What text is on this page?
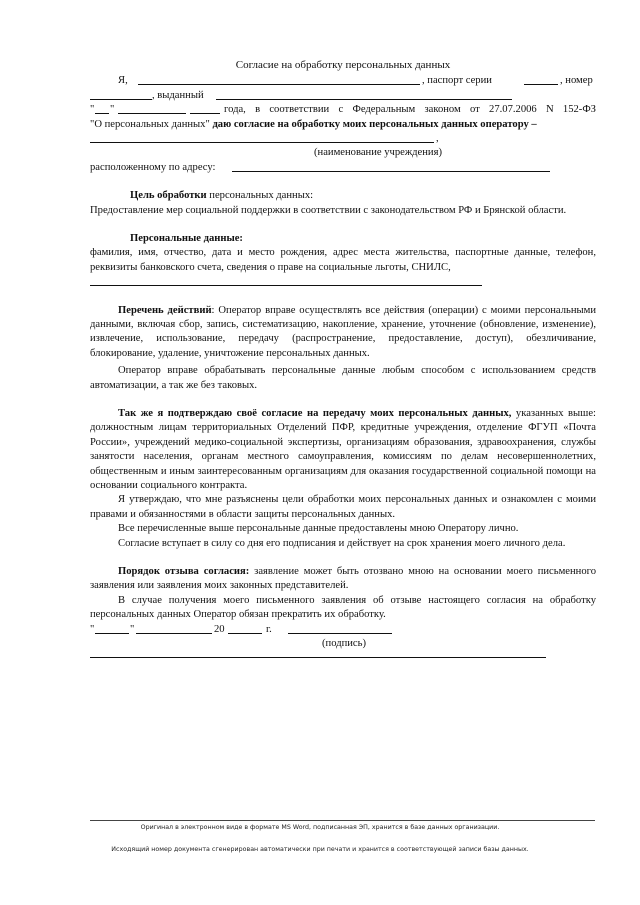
Согласие на обработку персональных данных
Я,	, паспорт серии	, номер
, выданный
" "	года, в соответствии с Федеральным законом от 27.07.2006 N 152-ФЗ
"О персональных данных" даю согласие на обработку моих персональных данных оператору –
,
(наименование учреждения)
расположенному по адресу:
Цель обработки персональных данных:
Предоставление мер социальной поддержки в соответствии с законодательством РФ и Брянской области.
Персональные данные:
фамилия, имя, отчество, дата и место рождения, адрес места жительства, паспортные данные, телефон, реквизиты банковского счета, сведения о праве на социальные льготы, СНИЛС,
Перечень действий: Оператор вправе осуществлять все действия (операции) с моими персональными данными, включая сбор, запись, систематизацию, накопление, хранение, уточнение (обновление, изменение), извлечение, использование, передачу (распространение, предоставление, доступ), обезличивание, блокирование, удаление, уничтожение персональных данных.
Оператор вправе обрабатывать персональные данные любым способом с использованием средств автоматизации, а так же без таковых.
Так же я подтверждаю своё согласие на передачу моих персональных данных, указанных выше: должностным лицам территориальных Отделений ПФР, кредитные учреждения, отделение ФГУП «Почта России», учреждений медико-социальной экспертизы, организациям образования, здравоохранения, службы занятости населения, органам местного самоуправления, комиссиям по делам несовершеннолетних, общественным и иным заинтересованным организациям для оказания государственной социальной помощи на основании социального контракта.
Я утверждаю, что мне разъяснены цели обработки моих персональных данных и ознакомлен с моими правами и обязанностями в области защиты персональных данных.
Все перечисленные выше персональные данные предоставлены мною Оператору лично.
Согласие вступает в силу со дня его подписания и действует на срок хранения моего личного дела.
Порядок отзыва согласия: заявление может быть отозвано мною на основании моего письменного заявления или заявления моих законных представителей.
В случае получения моего письменного заявления об отзыве настоящего согласия на обработку персональных данных Оператор обязан прекратить их обработку.
"	"	20	г.
(подпись)
Оригинал в электронном виде в формате MS Word, подписанная ЭП, хранится в базе данных организации.
Исходящий номер документа сгенерирован автоматически при печати и хранится в соответствующей записи базы данных.
